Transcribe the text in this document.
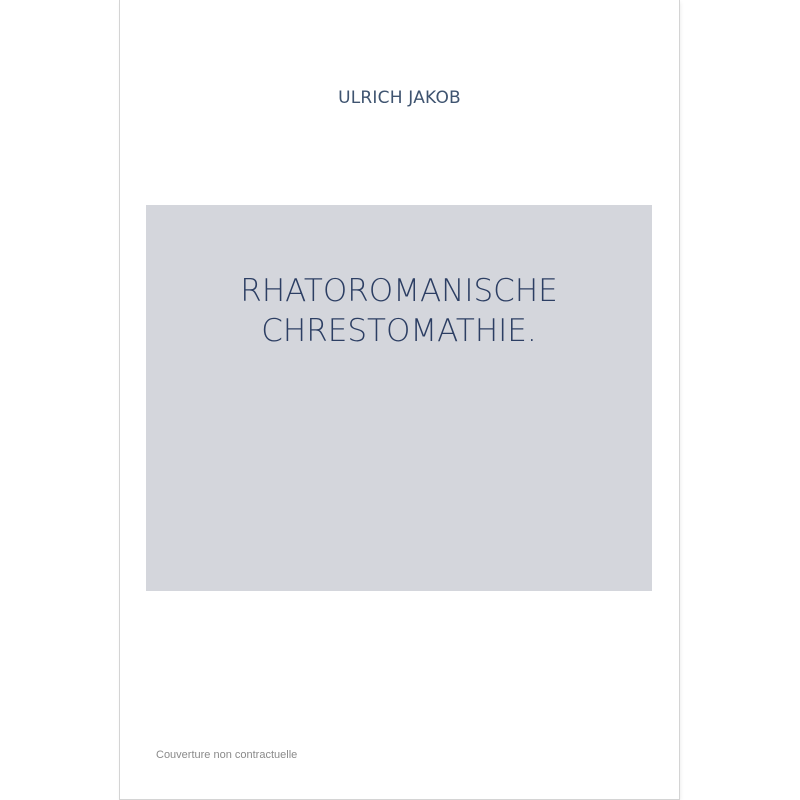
ULRICH JAKOB
RHATOROMANISCHE
CHRESTOMATHIE.
Couverture non contractuelle
